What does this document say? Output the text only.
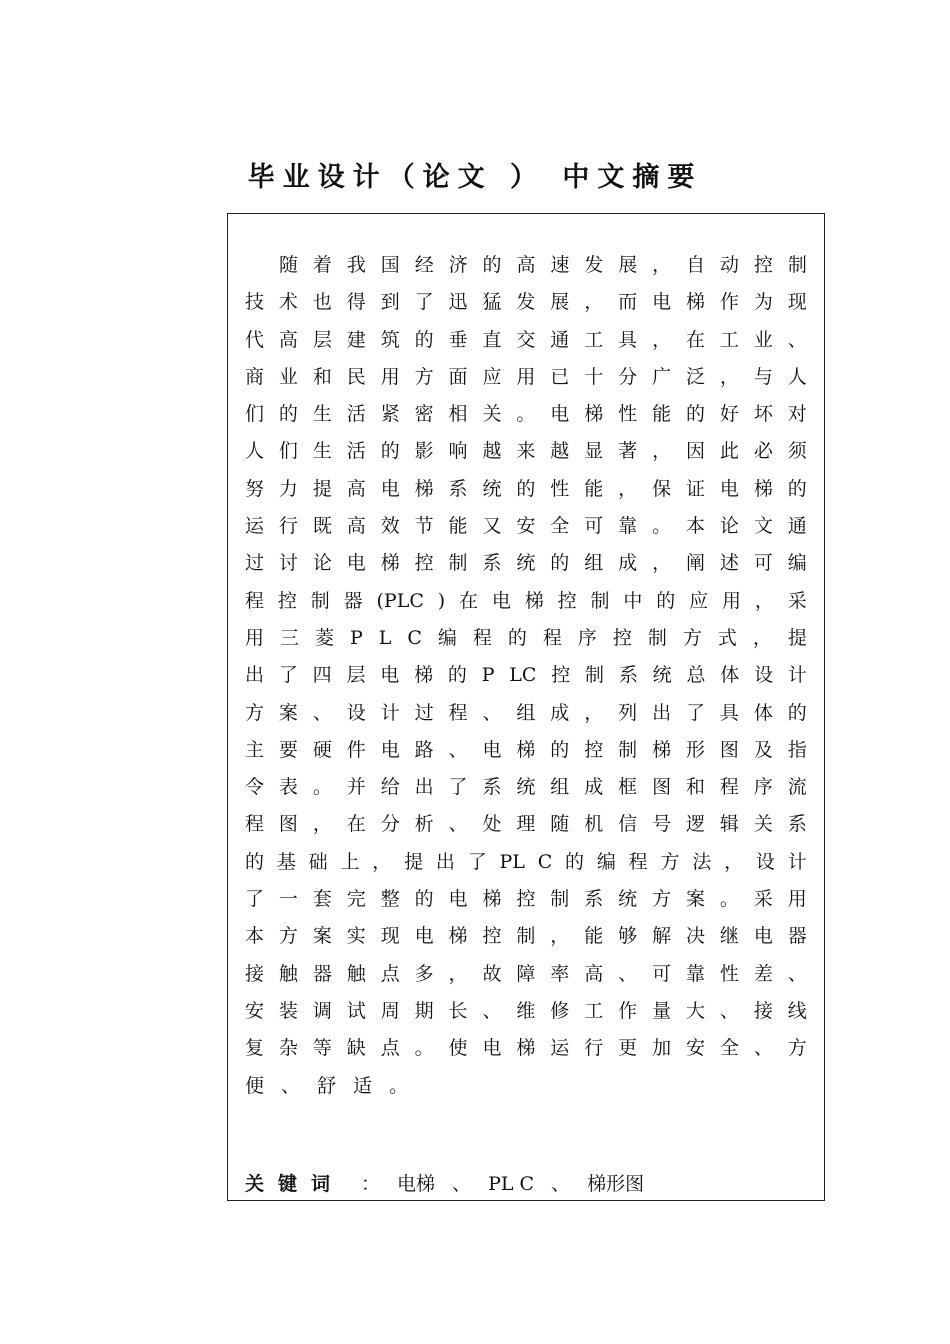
毕业设计（论文 ） 中文摘要
随 着 我 国 经 济 的 高 速 发 展 ， 自 动 控 制
技 术 也 得 到 了 迅 猛 发 展 ， 而 电 梯 作 为 现
代 高 层 建 筑 的 垂 直 交 通 工 具 ， 在 工 业 、
商 业 和 民 用 方 面 应 用 已 十 分 广 泛 ， 与 人
们 的 生 活 紧 密 相 关 。 电 梯 性 能 的 好 坏 对
人 们 生 活 的 影 响 越 来 越 显 著 ， 因 此 必 须
努 力 提 高 电 梯 系 统 的 性 能 ， 保 证 电 梯 的
运 行 既 高 效 节 能 又 安 全 可 靠 。 本 论 文 通
过 讨 论 电 梯 控 制 系 统 的 组 成 ， 阐 述 可 编
程 控 制 器 (PLC ) 在 电 梯 控 制 中 的 应 用 ， 采
用 三 菱 P L C 编 程 的 程 序 控 制 方 式 ， 提
出 了 四 层 电 梯 的 P LC 控 制 系 统 总 体 设 计
方 案 、 设 计 过 程 、 组 成 ， 列 出 了 具 体 的
主 要 硬 件 电 路 、 电 梯 的 控 制 梯 形 图 及 指
令 表 。 并 给 出 了 系 统 组 成 框 图 和 程 序 流
程 图 ， 在 分 析 、 处 理 随 机 信 号 逻 辑 关 系
的 基 础 上 ， 提 出 了 PL C 的 编 程 方 法 ， 设 计
了 一 套 完 整 的 电 梯 控 制 系 统 方 案 。 采 用
本 方 案 实 现 电 梯 控 制 ， 能 够 解 决 继 电 器
接 触 器 触 点 多 ， 故 障 率 高 、 可 靠 性 差 、
安 装 调 试 周 期 长 、 维 修 工 作 量 大 、 接 线
复 杂 等 缺 点 。 使 电 梯 运 行 更 加 安 全 、 方
便 、 舒 适 。
关键词 ： 电梯 、 PL C 、 梯形图
